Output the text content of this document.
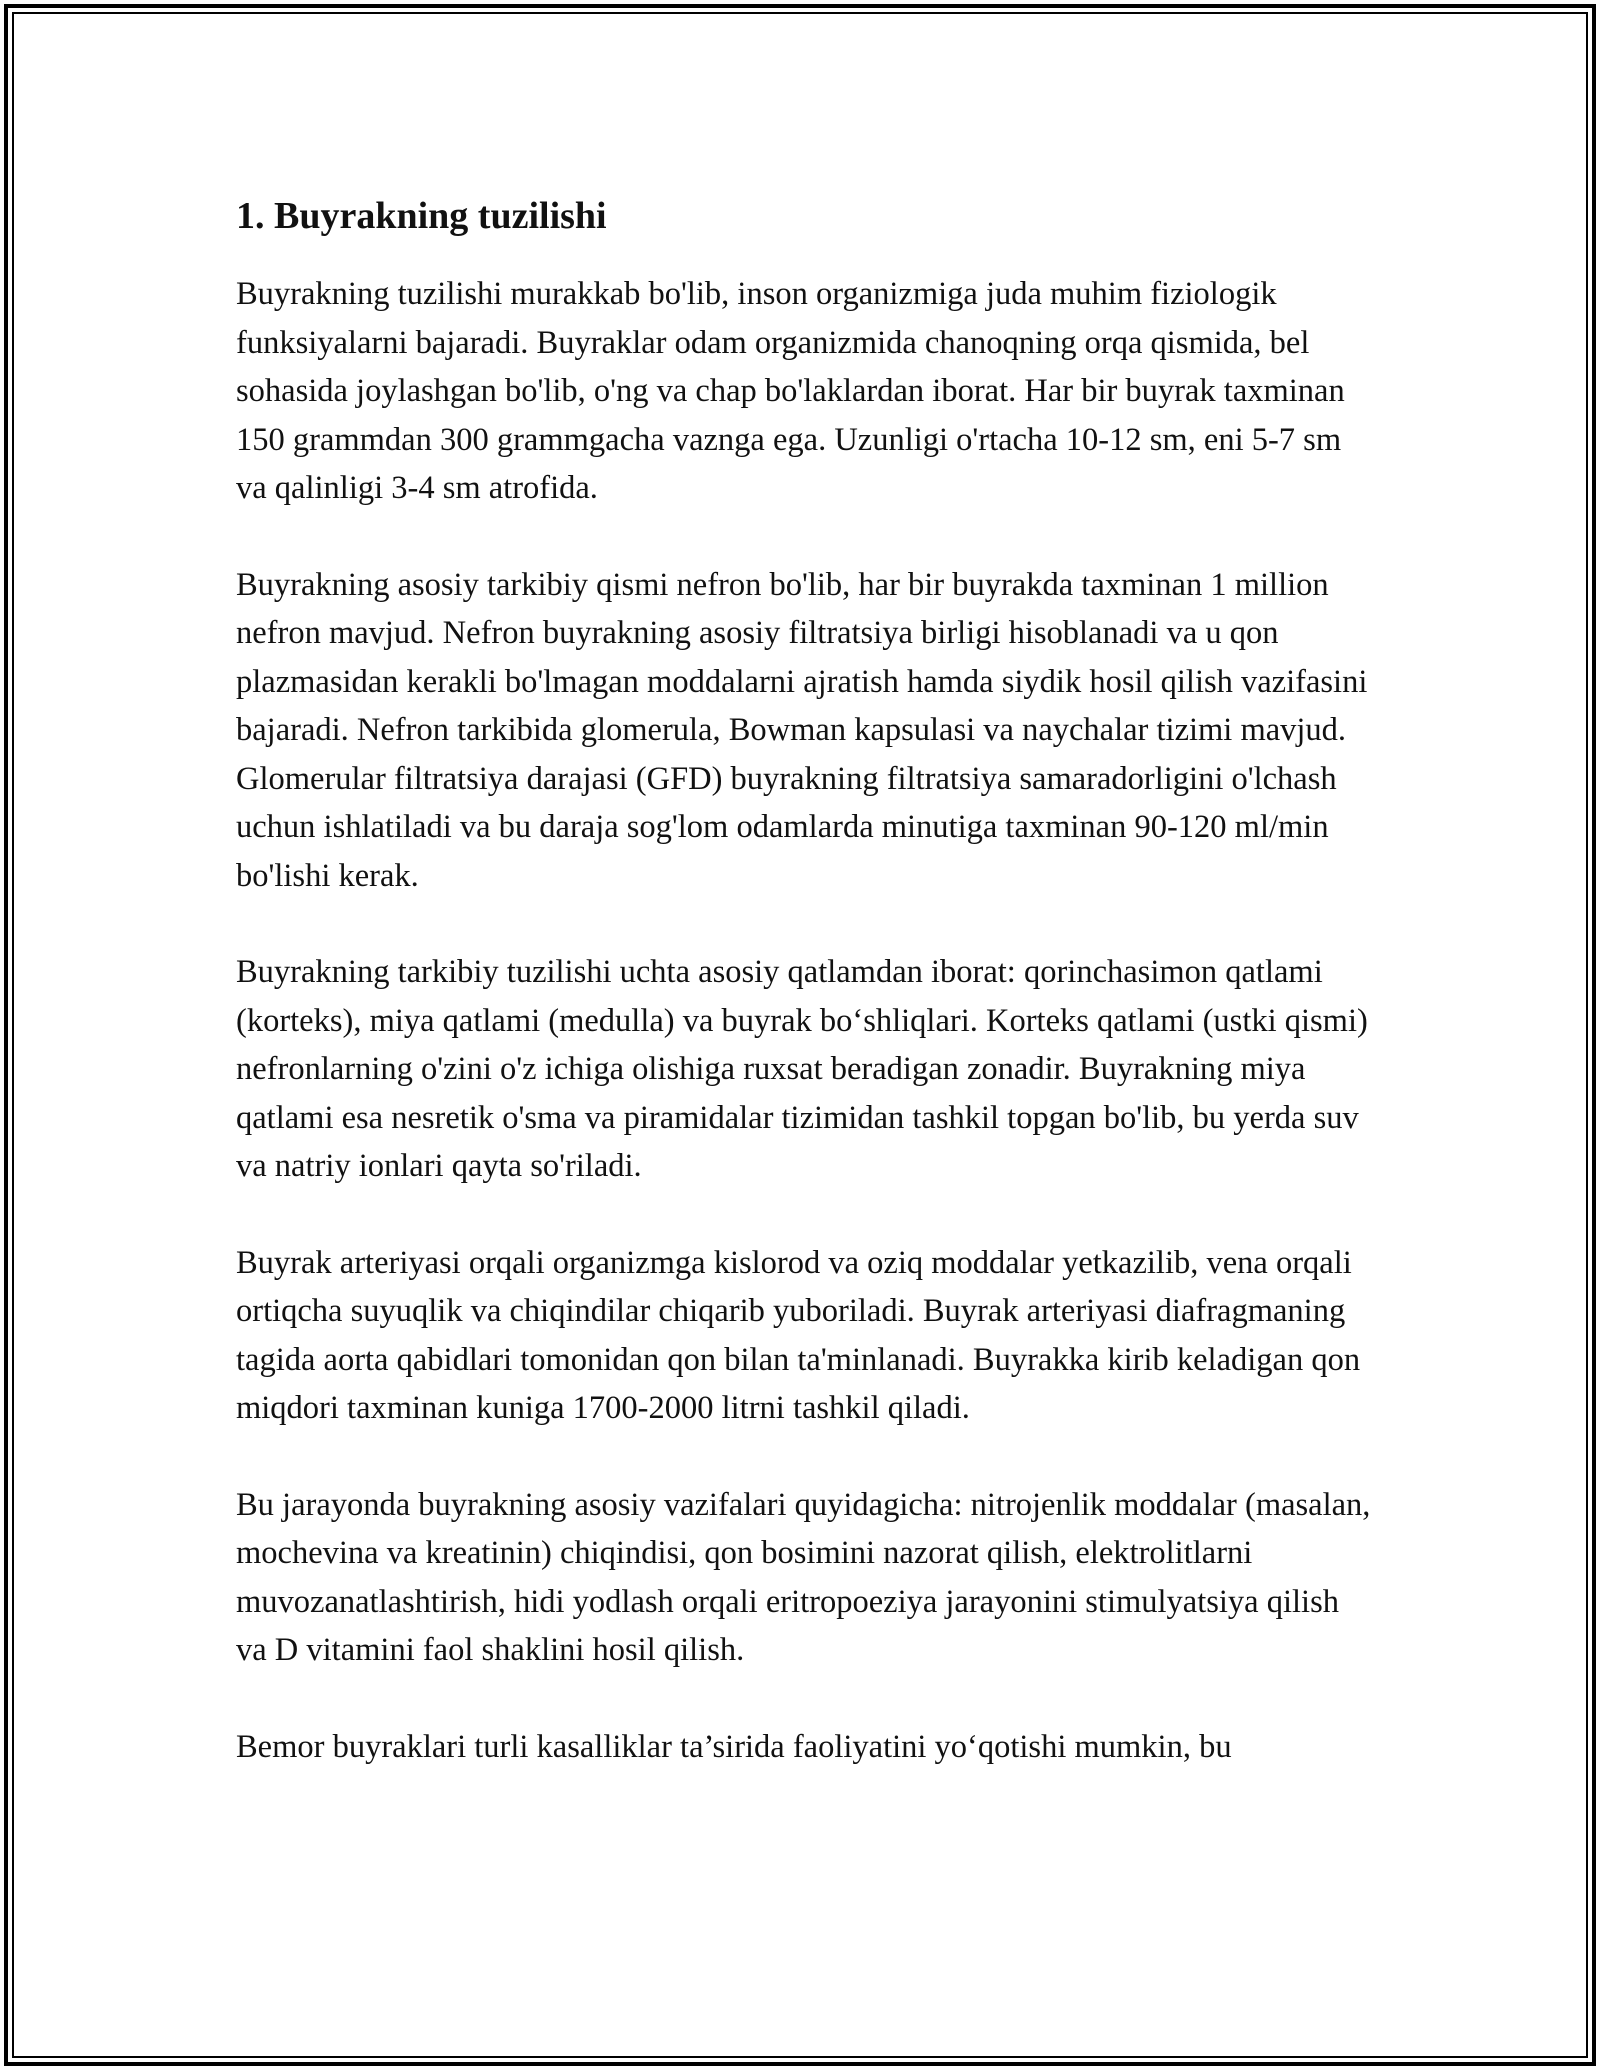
1. Buyrakning tuzilishi

Buyrakning tuzilishi murakkab bo'lib, inson organizmiga juda muhim fiziologik funksiyalarni bajaradi. Buyraklar odam organizmida chanoqning orqa qismida, bel sohasida joylashgan bo'lib, o'ng va chap bo'laklardan iborat. Har bir buyrak taxminan 150 grammdan 300 grammgacha vaznga ega. Uzunligi o'rtacha 10-12 sm, eni 5-7 sm va qalinligi 3-4 sm atrofida.

Buyrakning asosiy tarkibiy qismi nefron bo'lib, har bir buyrakda taxminan 1 million nefron mavjud. Nefron buyrakning asosiy filtratsiya birligi hisoblanadi va u qon plazmasidan kerakli bo'lmagan moddalarni ajratish hamda siydik hosil qilish vazifasini bajaradi. Nefron tarkibida glomerula, Bowman kapsulasi va naychalar tizimi mavjud. Glomerular filtratsiya darajasi (GFD) buyrakning filtratsiya samaradorligini o'lchash uchun ishlatiladi va bu daraja sog'lom odamlarda minutiga taxminan 90-120 ml/min bo'lishi kerak.

Buyrakning tarkibiy tuzilishi uchta asosiy qatlamdan iborat: qorinchasimon qatlami (korteks), miya qatlami (medulla) va buyrak bo‘shliqlari. Korteks qatlami (ustki qismi) nefronlarning o'zini o'z ichiga olishiga ruxsat beradigan zonadir. Buyrakning miya qatlami esa nesretik o'sma va piramidalar tizimidan tashkil topgan bo'lib, bu yerda suv va natriy ionlari qayta so'riladi.

Buyrak arteriyasi orqali organizmga kislorod va oziq moddalar yetkazilib, vena orqali ortiqcha suyuqlik va chiqindilar chiqarib yuboriladi. Buyrak arteriyasi diafragmaning tagida aorta qabidlari tomonidan qon bilan ta'minlanadi. Buyrakka kirib keladigan qon miqdori taxminan kuniga 1700-2000 litrni tashkil qiladi.

Bu jarayonda buyrakning asosiy vazifalari quyidagicha: nitrojenlik moddalar (masalan, mochevina va kreatinin) chiqindisi, qon bosimini nazorat qilish, elektrolitlarni muvozanatlashtirish, hidi yodlash orqali eritropoeziya jarayonini stimulyatsiya qilish va D vitamini faol shaklini hosil qilish.

Bemor buyraklari turli kasalliklar ta’sirida faoliyatini yo‘qotishi mumkin, bu
